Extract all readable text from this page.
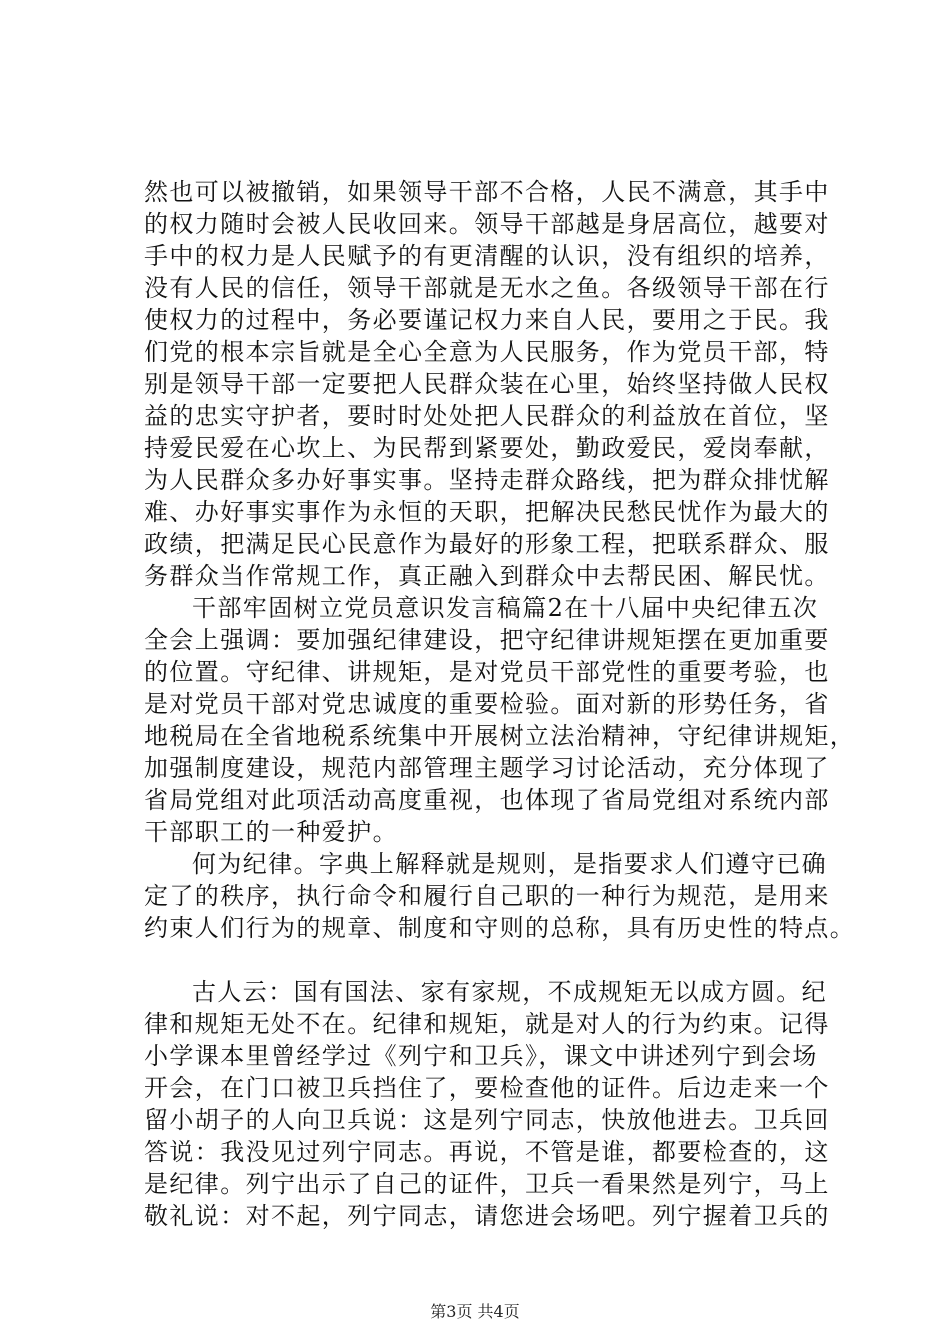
然也可以被撤销，如果领导干部不合格，人民不满意，其手中
的权力随时会被人民收回来。领导干部越是身居高位，越要对
手中的权力是人民赋予的有更清醒的认识，没有组织的培养，
没有人民的信任，领导干部就是无水之鱼。各级领导干部在行
使权力的过程中，务必要谨记权力来自人民，要用之于民。我
们党的根本宗旨就是全心全意为人民服务，作为党员干部，特
别是领导干部一定要把人民群众装在心里，始终坚持做人民权
益的忠实守护者，要时时处处把人民群众的利益放在首位，坚
持爱民爱在心坎上、为民帮到紧要处，勤政爱民，爱岗奉献，
为人民群众多办好事实事。坚持走群众路线，把为群众排忧解
难、办好事实事作为永恒的天职，把解决民愁民忧作为最大的
政绩，把满足民心民意作为最好的形象工程，把联系群众、服
务群众当作常规工作，真正融入到群众中去帮民困、解民忧。
干部牢固树立党员意识发言稿篇2在十八届中央纪律五次
全会上强调：要加强纪律建设，把守纪律讲规矩摆在更加重要
的位置。守纪律、讲规矩，是对党员干部党性的重要考验，也
是对党员干部对党忠诚度的重要检验。面对新的形势任务，省
地税局在全省地税系统集中开展树立法治精神，守纪律讲规矩，
加强制度建设，规范内部管理主题学习讨论活动，充分体现了
省局党组对此项活动高度重视，也体现了省局党组对系统内部
干部职工的一种爱护。
何为纪律。字典上解释就是规则，是指要求人们遵守已确
定了的秩序，执行命令和履行自己职的一种行为规范，是用来
约束人们行为的规章、制度和守则的总称，具有历史性的特点。
古人云：国有国法、家有家规，不成规矩无以成方圆。纪
律和规矩无处不在。纪律和规矩，就是对人的行为约束。记得
小学课本里曾经学过《列宁和卫兵》，课文中讲述列宁到会场
开会，在门口被卫兵挡住了，要检查他的证件。后边走来一个
留小胡子的人向卫兵说：这是列宁同志，快放他进去。卫兵回
答说：我没见过列宁同志。再说，不管是谁，都要检查的，这
是纪律。列宁出示了自己的证件，卫兵一看果然是列宁，马上
敬礼说：对不起，列宁同志，请您进会场吧。列宁握着卫兵的
第3页 共4页
